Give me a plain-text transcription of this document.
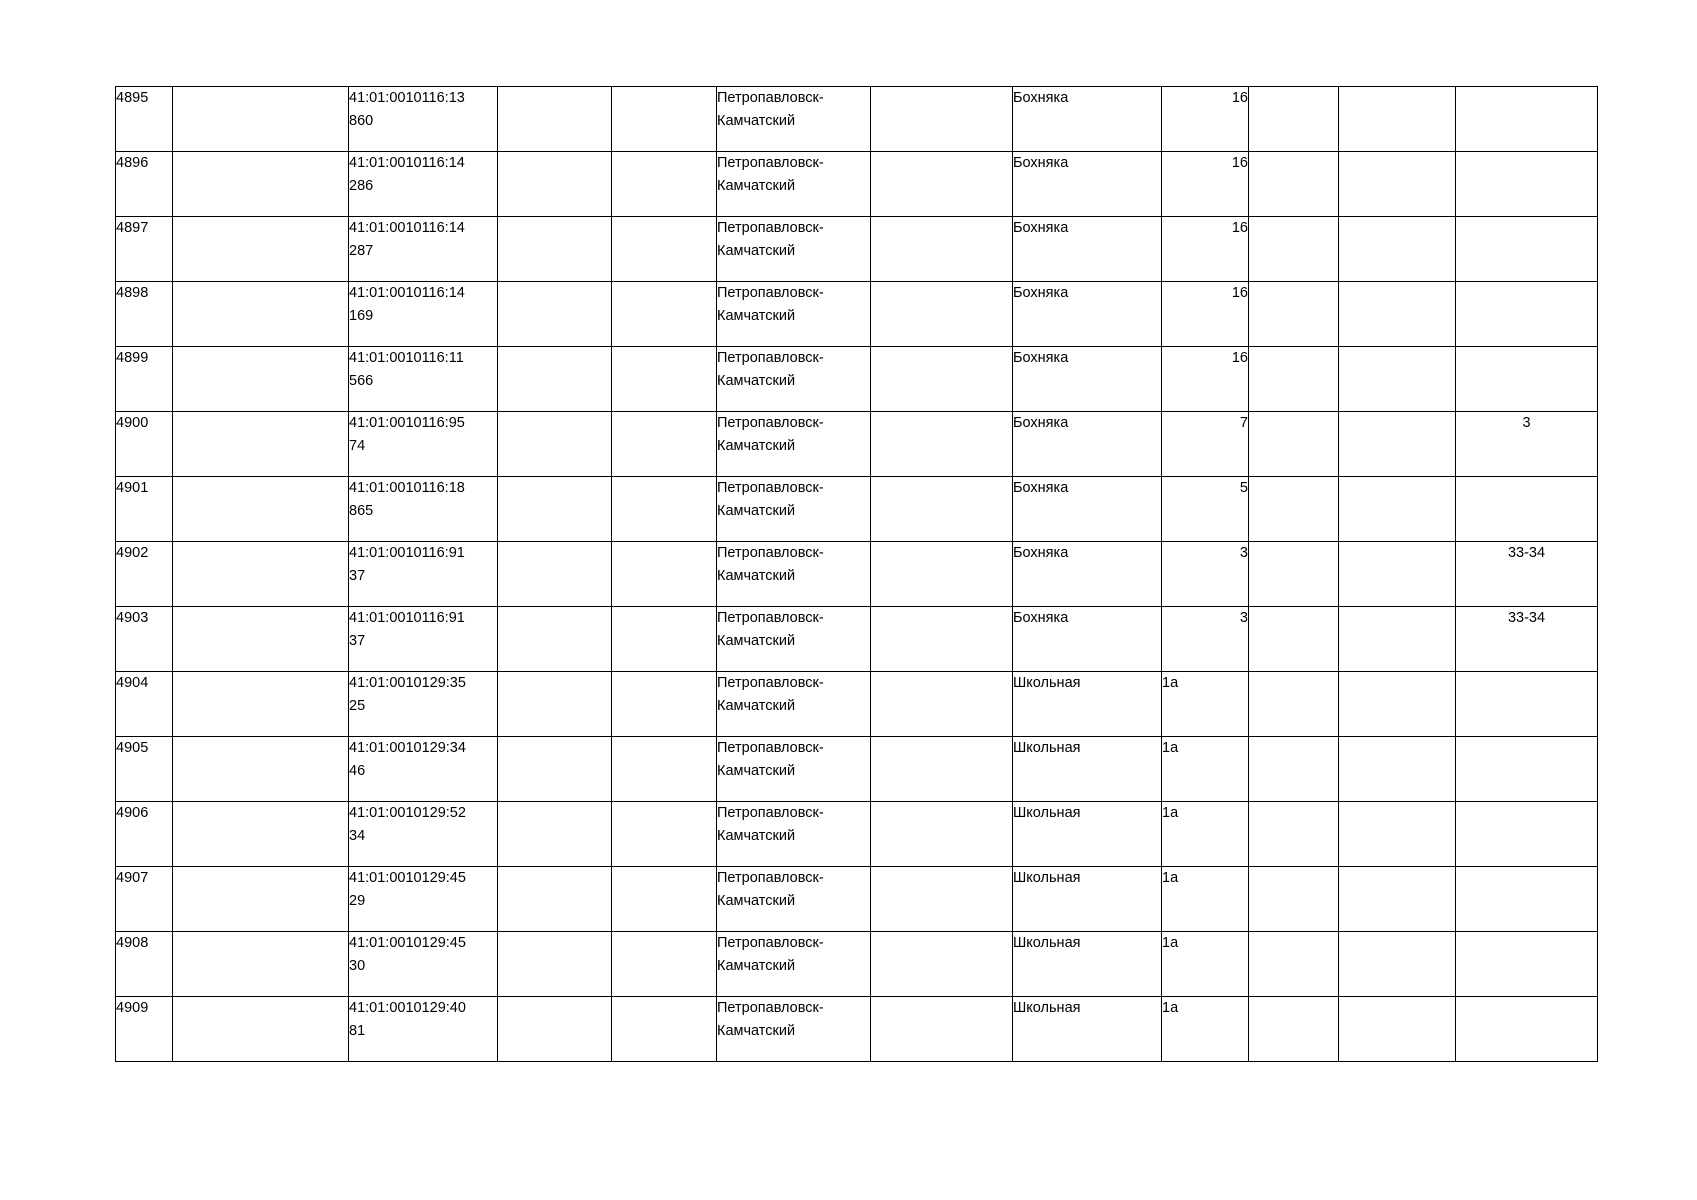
4895		41:01:0010116:13
860			Петропавловск-
Камчатский		Бохняка	16			
4896		41:01:0010116:14
286			Петропавловск-
Камчатский		Бохняка	16			
4897		41:01:0010116:14
287			Петропавловск-
Камчатский		Бохняка	16			
4898		41:01:0010116:14
169			Петропавловск-
Камчатский		Бохняка	16			
4899		41:01:0010116:11
566			Петропавловск-
Камчатский		Бохняка	16			
4900		41:01:0010116:95
74			Петропавловск-
Камчатский		Бохняка	7			3
4901		41:01:0010116:18
865			Петропавловск-
Камчатский		Бохняка	5			
4902		41:01:0010116:91
37			Петропавловск-
Камчатский		Бохняка	3			33-34
4903		41:01:0010116:91
37			Петропавловск-
Камчатский		Бохняка	3			33-34
4904		41:01:0010129:35
25			Петропавловск-
Камчатский		Школьная	1а			
4905		41:01:0010129:34
46			Петропавловск-
Камчатский		Школьная	1а			
4906		41:01:0010129:52
34			Петропавловск-
Камчатский		Школьная	1а			
4907		41:01:0010129:45
29			Петропавловск-
Камчатский		Школьная	1а			
4908		41:01:0010129:45
30			Петропавловск-
Камчатский		Школьная	1а			
4909		41:01:0010129:40
81			Петропавловск-
Камчатский		Школьная	1а			
